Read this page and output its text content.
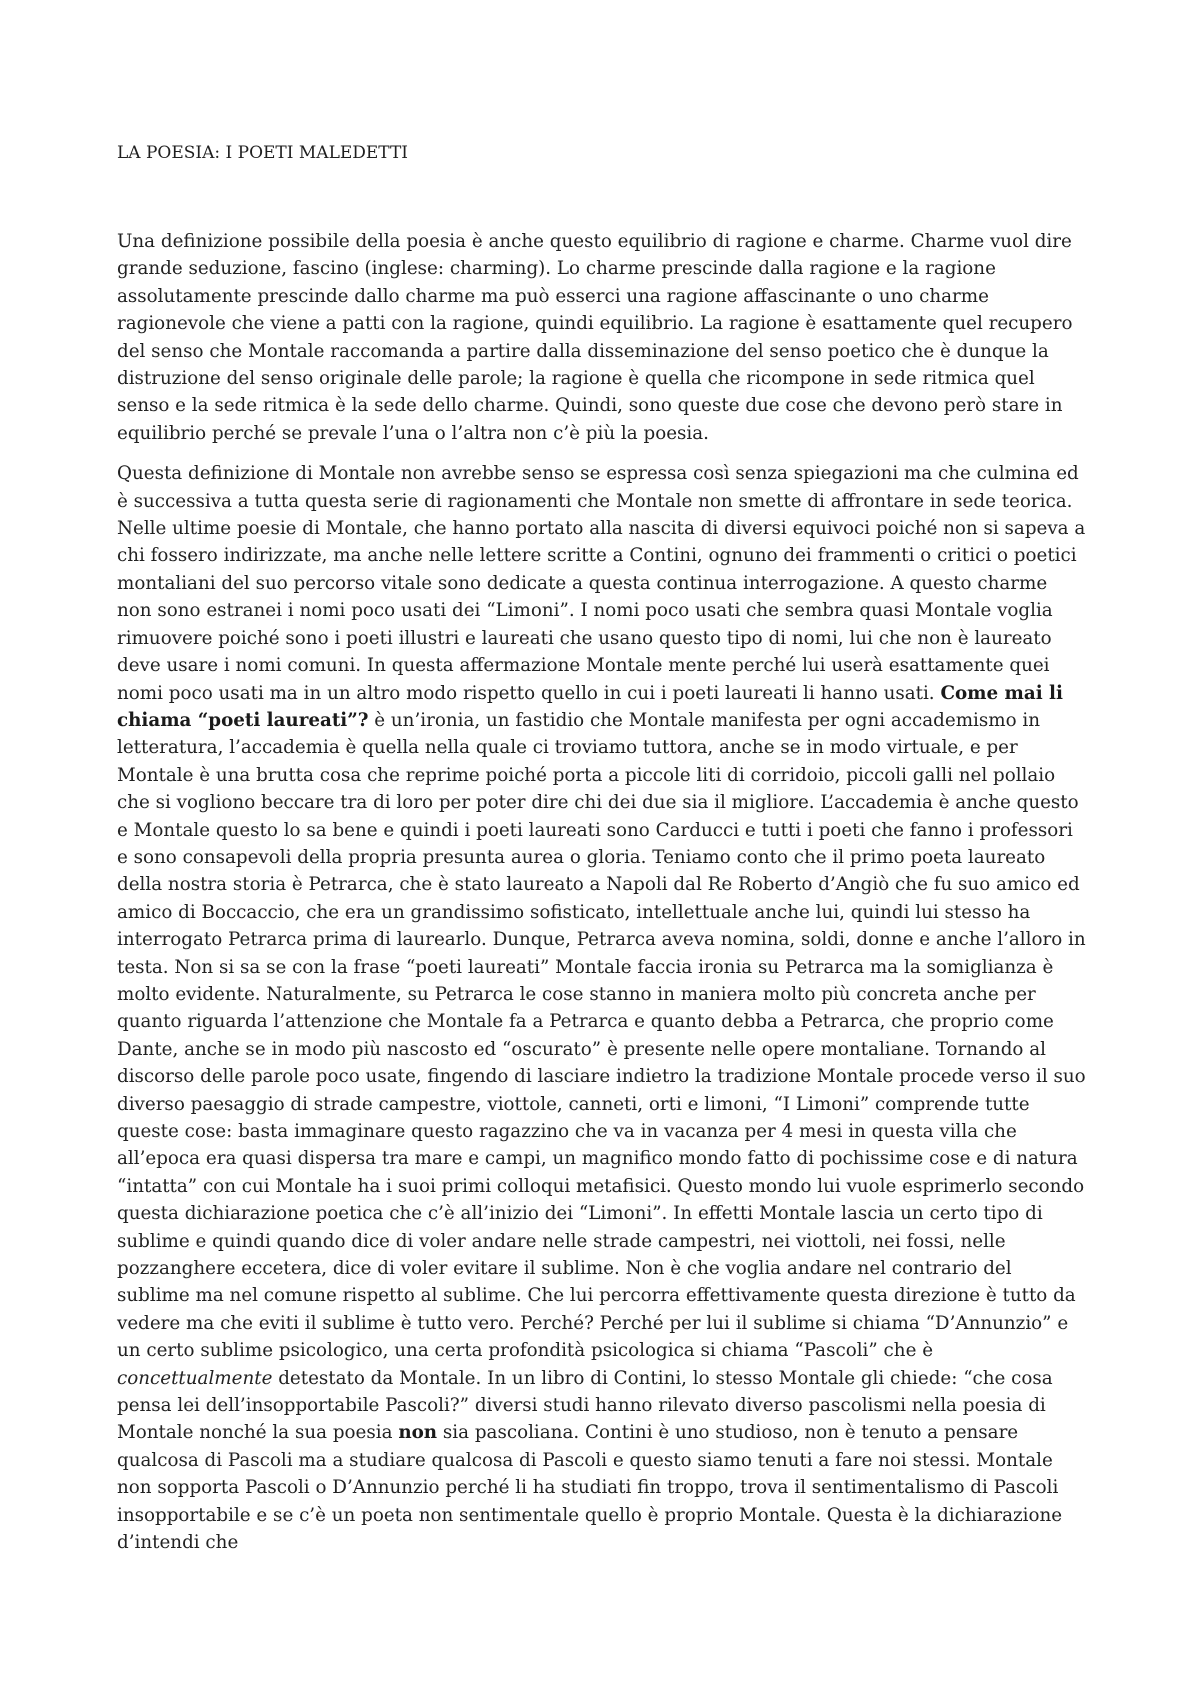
LA POESIA: I POETI MALEDETTI

Una definizione possibile della poesia è anche questo equilibrio di ragione e charme. Charme vuol dire grande seduzione, fascino (inglese: charming). Lo charme prescinde dalla ragione e la ragione assolutamente prescinde dallo charme ma può esserci una ragione affascinante o uno charme ragionevole che viene a patti con la ragione, quindi equilibrio. La ragione è esattamente quel recupero del senso che Montale raccomanda a partire dalla disseminazione del senso poetico che è dunque la distruzione del senso originale delle parole; la ragione è quella che ricompone in sede ritmica quel senso e la sede ritmica è la sede dello charme. Quindi, sono queste due cose che devono però stare in equilibrio perché se prevale l’una o l’altra non c’è più la poesia.

Questa definizione di Montale non avrebbe senso se espressa così senza spiegazioni ma che culmina ed è successiva a tutta questa serie di ragionamenti che Montale non smette di affrontare in sede teorica. Nelle ultime poesie di Montale, che hanno portato alla nascita di diversi equivoci poiché non si sapeva a chi fossero indirizzate, ma anche nelle lettere scritte a Contini, ognuno dei frammenti o critici o poetici montaliani del suo percorso vitale sono dedicate a questa continua interrogazione. A questo charme non sono estranei i nomi poco usati dei “Limoni”. I nomi poco usati che sembra quasi Montale voglia rimuovere poiché sono i poeti illustri e laureati che usano questo tipo di nomi, lui che non è laureato deve usare i nomi comuni. In questa affermazione Montale mente perché lui userà esattamente quei nomi poco usati ma in un altro modo rispetto quello in cui i poeti laureati li hanno usati. Come mai li chiama “poeti laureati”? è un’ironia, un fastidio che Montale manifesta per ogni accademismo in letteratura, l’accademia è quella nella quale ci troviamo tuttora, anche se in modo virtuale, e per Montale è una brutta cosa che reprime poiché porta a piccole liti di corridoio, piccoli galli nel pollaio che si vogliono beccare tra di loro per poter dire chi dei due sia il migliore. L’accademia è anche questo e Montale questo lo sa bene e quindi i poeti laureati sono Carducci e tutti i poeti che fanno i professori e sono consapevoli della propria presunta aurea o gloria. Teniamo conto che il primo poeta laureato della nostra storia è Petrarca, che è stato laureato a Napoli dal Re Roberto d’Angiò che fu suo amico ed amico di Boccaccio, che era un grandissimo sofisticato, intellettuale anche lui, quindi lui stesso ha interrogato Petrarca prima di laurearlo. Dunque, Petrarca aveva nomina, soldi, donne e anche l’alloro in testa. Non si sa se con la frase “poeti laureati” Montale faccia ironia su Petrarca ma la somiglianza è molto evidente. Naturalmente, su Petrarca le cose stanno in maniera molto più concreta anche per quanto riguarda l’attenzione che Montale fa a Petrarca e quanto debba a Petrarca, che proprio come Dante, anche se in modo più nascosto ed “oscurato” è presente nelle opere montaliane. Tornando al discorso delle parole poco usate, fingendo di lasciare indietro la tradizione Montale procede verso il suo diverso paesaggio di strade campestre, viottole, canneti, orti e limoni, “I Limoni” comprende tutte queste cose: basta immaginare questo ragazzino che va in vacanza per 4 mesi in questa villa che all’epoca era quasi dispersa tra mare e campi, un magnifico mondo fatto di pochissime cose e di natura “intatta” con cui Montale ha i suoi primi colloqui metafisici. Questo mondo lui vuole esprimerlo secondo questa dichiarazione poetica che c’è all’inizio dei “Limoni”. In effetti Montale lascia un certo tipo di sublime e quindi quando dice di voler andare nelle strade campestri, nei viottoli, nei fossi, nelle pozzanghere eccetera, dice di voler evitare il sublime. Non è che voglia andare nel contrario del sublime ma nel comune rispetto al sublime. Che lui percorra effettivamente questa direzione è tutto da vedere ma che eviti il sublime è tutto vero. Perché? Perché per lui il sublime si chiama “D’Annunzio” e un certo sublime psicologico, una certa profondità psicologica si chiama “Pascoli” che è concettualmente detestato da Montale. In un libro di Contini, lo stesso Montale gli chiede: “che cosa pensa lei dell’insopportabile Pascoli?” diversi studi hanno rilevato diverso pascolismi nella poesia di Montale nonché la sua poesia non sia pascoliana. Contini è uno studioso, non è tenuto a pensare qualcosa di Pascoli ma a studiare qualcosa di Pascoli e questo siamo tenuti a fare noi stessi. Montale non sopporta Pascoli o D’Annunzio perché li ha studiati fin troppo, trova il sentimentalismo di Pascoli insopportabile e se c’è un poeta non sentimentale quello è proprio Montale. Questa è la dichiarazione d’intendi che
